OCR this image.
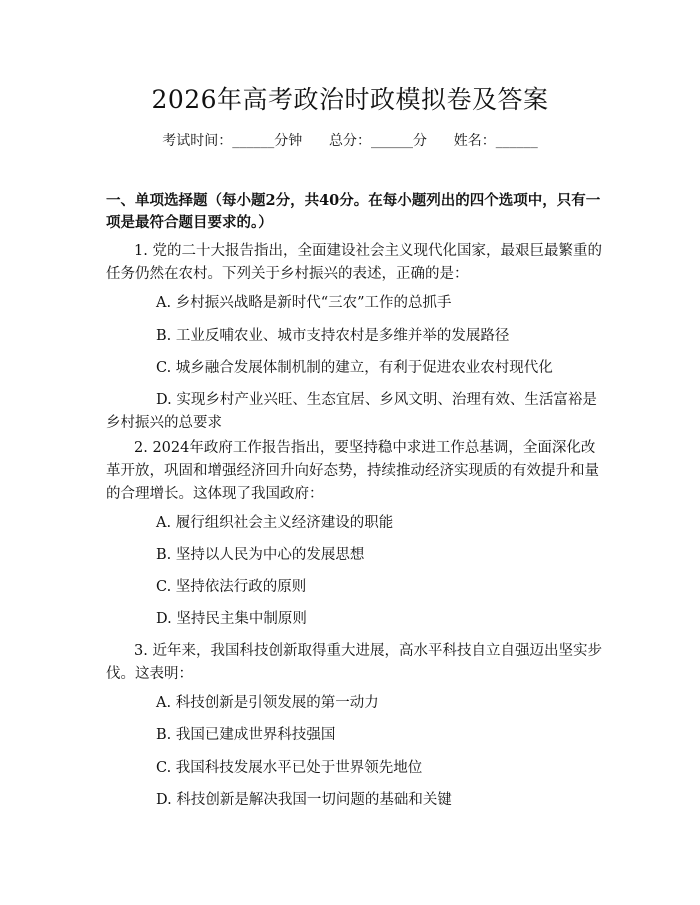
2026年高考政治时政模拟卷及答案
考试时间：______分钟      总分：______分      姓名：______
一、单项选择题（每小题2分，共40分。在每小题列出的四个选项中，只有一项是最符合题目要求的。）
1. 党的二十大报告指出，全面建设社会主义现代化国家，最艰巨最繁重的任务仍然在农村。下列关于乡村振兴的表述，正确的是：
A. 乡村振兴战略是新时代“三农”工作的总抓手
B. 工业反哺农业、城市支持农村是多维并举的发展路径
C. 城乡融合发展体制机制的建立，有利于促进农业农村现代化
D. 实现乡村产业兴旺、生态宜居、乡风文明、治理有效、生活富裕是乡村振兴的总要求
2. 2024年政府工作报告指出，要坚持稳中求进工作总基调，全面深化改革开放，巩固和增强经济回升向好态势，持续推动经济实现质的有效提升和量的合理增长。这体现了我国政府：
A. 履行组织社会主义经济建设的职能
B. 坚持以人民为中心的发展思想
C. 坚持依法行政的原则
D. 坚持民主集中制原则
3. 近年来，我国科技创新取得重大进展，高水平科技自立自强迈出坚实步伐。这表明：
A. 科技创新是引领发展的第一动力
B. 我国已建成世界科技强国
C. 我国科技发展水平已处于世界领先地位
D. 科技创新是解决我国一切问题的基础和关键
